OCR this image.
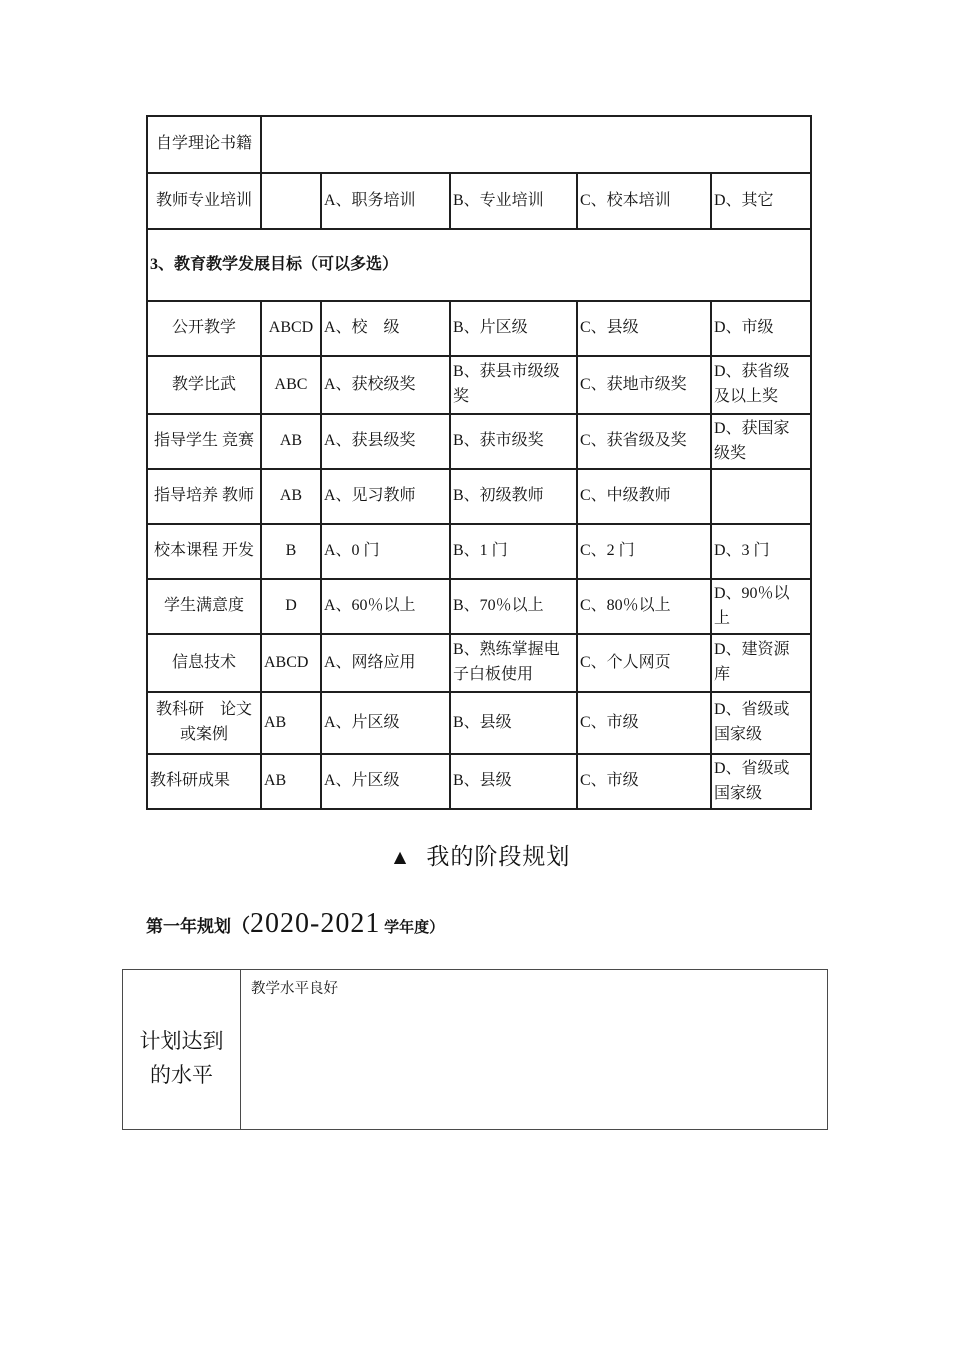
自学理论书籍					
教师专业培训		A、职务培训	B、专业培训	C、校本培训	D、其它
3、教育教学发展目标（可以多选）					
公开教学	ABCD	A、校　级	B、片区级	C、县级	D、市级
教学比武	ABC	A、获校级奖	B、获县市级级奖	C、获地市级奖	D、获省级及以上奖
指导学生 竞赛	AB	A、获县级奖	B、获市级奖	C、获省级及奖	D、获国家级奖
指导培养 教师	AB	A、见习教师	B、初级教师	C、中级教师	
校本课程 开发	B	A、0 门	B、1 门	C、2 门	D、3 门
学生满意度	D	A、60％以上	B、70％以上	C、80％以上	D、90％以上
信息技术	ABCD	A、网络应用	B、熟练掌握电子白板使用	C、个人网页	D、建资源库
教科研　论文或案例	AB	A、片区级	B、县级	C、市级	D、省级或国家级
教科研成果	AB	A、片区级	B、县级	C、市级	D、省级或国家级
▲ 我的阶段规划
第一年规划（2020-2021 学年度）
计划达到
的水平
教学水平良好
